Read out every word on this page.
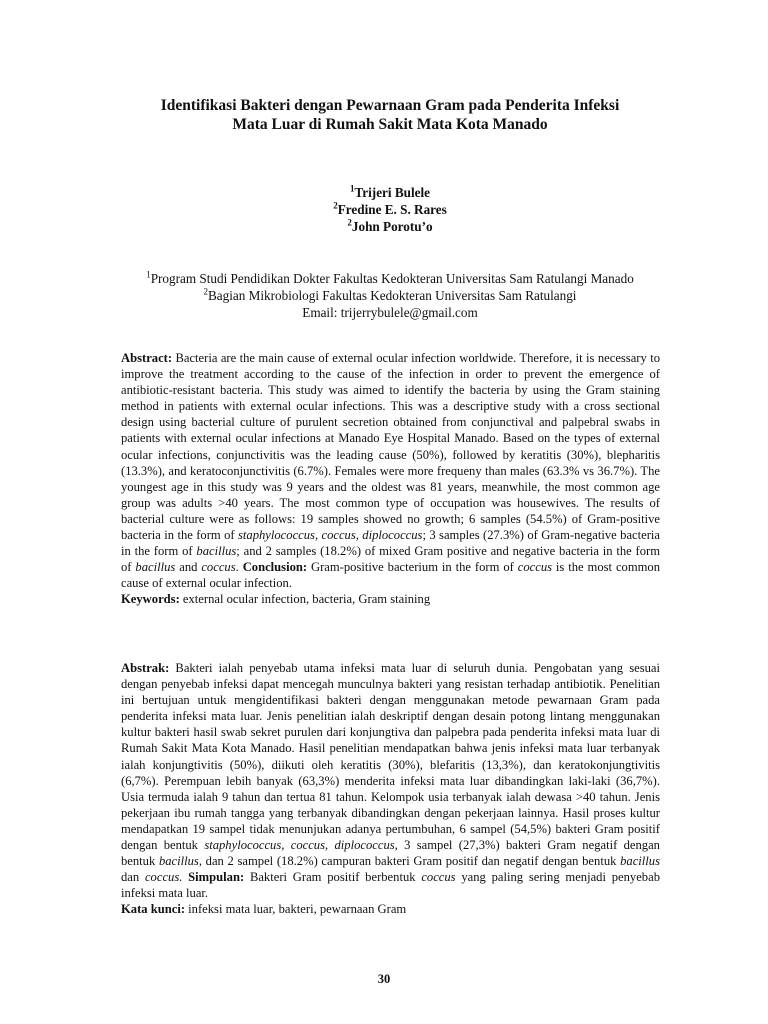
Identifikasi Bakteri dengan Pewarnaan Gram pada Penderita Infeksi
Mata Luar di Rumah Sakit Mata Kota Manado
$^1$Trijeri Bulele
$^2$Fredine E. S. Rares
$^2$John Porotu’o
$^1$Program Studi Pendidikan Dokter Fakultas Kedokteran Universitas Sam Ratulangi Manado
$^2$Bagian Mikrobiologi Fakultas Kedokteran Universitas Sam Ratulangi
Email: trijerrybulele@gmail.com
Abstract: Bacteria are the main cause of external ocular infection worldwide. Therefore, it is necessary to improve the treatment according to the cause of the infection in order to prevent the emergence of antibiotic-resistant bacteria. This study was aimed to identify the bacteria by using the Gram staining method in patients with external ocular infections. This was a descriptive study with a cross sectional design using bacterial culture of purulent secretion obtained from conjunctival and palpebral swabs in patients with external ocular infections at Manado Eye Hospital Manado. Based on the types of external ocular infections, conjunctivitis was the leading cause (50%), followed by keratitis (30%), blepharitis (13.3%), and keratoconjunctivitis (6.7%). Females were more frequeny than males (63.3% vs 36.7%). The youngest age in this study was 9 years and the oldest was 81 years, meanwhile, the most common age group was adults >40 years. The most common type of occupation was housewives. The results of bacterial culture were as follows: 19 samples showed no growth; 6 samples (54.5%) of Gram-positive bacteria in the form of staphylococcus, coccus, diplococcus; 3 samples (27.3%) of Gram-negative bacteria in the form of bacillus; and 2 samples (18.2%) of mixed Gram positive and negative bacteria in the form of bacillus and coccus. Conclusion: Gram-positive bacterium in the form of coccus is the most common cause of external ocular infection.
Keywords: external ocular infection, bacteria, Gram staining
Abstrak: Bakteri ialah penyebab utama infeksi mata luar di seluruh dunia. Pengobatan yang sesuai dengan penyebab infeksi dapat mencegah munculnya bakteri yang resistan terhadap antibiotik. Penelitian ini bertujuan untuk mengidentifikasi bakteri dengan menggunakan metode pewarnaan Gram pada penderita infeksi mata luar. Jenis penelitian ialah deskriptif dengan desain potong lintang menggunakan kultur bakteri hasil swab sekret purulen dari konjungtiva dan palpebra pada penderita infeksi mata luar di Rumah Sakit Mata Kota Manado. Hasil penelitian mendapatkan bahwa jenis infeksi mata luar terbanyak ialah konjungtivitis (50%), diikuti oleh keratitis (30%), blefaritis (13,3%), dan keratokonjungtivitis (6,7%). Perempuan lebih banyak (63,3%) menderita infeksi mata luar dibandingkan laki-laki (36,7%). Usia termuda ialah 9 tahun dan tertua 81 tahun. Kelompok usia terbanyak ialah dewasa >40 tahun. Jenis pekerjaan ibu rumah tangga yang terbanyak dibandingkan dengan pekerjaan lainnya. Hasil proses kultur mendapatkan 19 sampel tidak menunjukan adanya pertumbuhan, 6 sampel (54,5%) bakteri Gram positif dengan bentuk staphylococcus, coccus, diplococcus, 3 sampel (27,3%) bakteri Gram negatif dengan bentuk bacillus, dan 2 sampel (18.2%) campuran bakteri Gram positif dan negatif dengan bentuk bacillus dan coccus. Simpulan: Bakteri Gram positif berbentuk coccus yang paling sering menjadi penyebab infeksi mata luar.
Kata kunci: infeksi mata luar, bakteri, pewarnaan Gram
30
